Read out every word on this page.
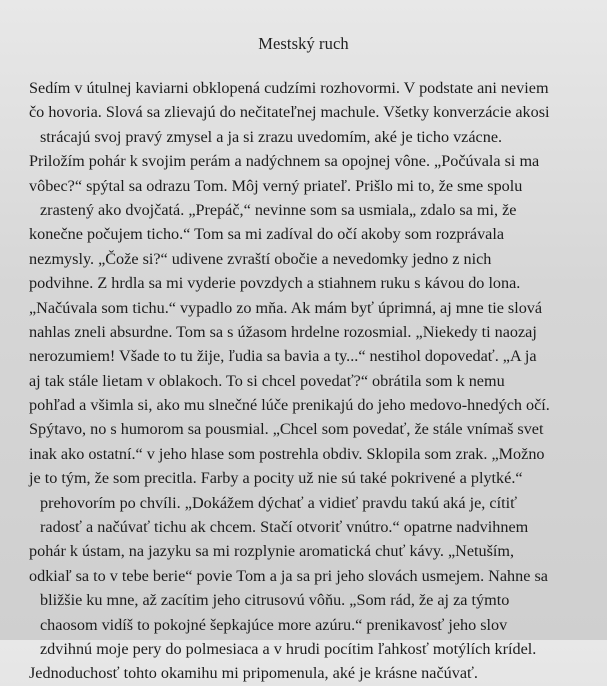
Mestský ruch
Sedím v útulnej kaviarni obklopená cudzími rozhovormi. V podstate ani neviem
čo hovoria. Slová sa zlievajú do nečitateľnej machule. Všetky konverzácie akosi
strácajú svoj pravý zmysel a ja si zrazu uvedomím, aké je ticho vzácne.
Priložím pohár k svojim perám a nadýchnem sa opojnej vône. „Počúvala si ma
vôbec?“ spýtal sa odrazu Tom. Môj verný priateľ. Prišlo mi to, že sme spolu
zrastený ako dvojčatá. „Prepáč,“ nevinne som sa usmiala„ zdalo sa mi, že
konečne počujem ticho.“ Tom sa mi zadíval do očí akoby som rozprávala
nezmysly. „Čože si?“ udivene zvraští obočie a nevedomky jedno z nich
podvihne. Z hrdla sa mi vyderie povzdych a stiahnem ruku s kávou do lona.
„Načúvala som tichu.“ vypadlo zo mňa. Ak mám byť úprimná, aj mne tie slová
nahlas zneli absurdne. Tom sa s úžasom hrdelne rozosmial. „Niekedy ti naozaj
nerozumiem! Všade to tu žije, ľudia sa bavia a ty...“ nestihol dopovedať. „A ja
aj tak stále lietam v oblakoch. To si chcel povedať?“ obrátila som k nemu
pohľad a všimla si, ako mu slnečné lúče prenikajú do jeho medovo-hnedých očí.
Spýtavo, no s humorom sa pousmial. „Chcel som povedať, že stále vnímaš svet
inak ako ostatní.“ v jeho hlase som postrehla obdiv. Sklopila som zrak. „Možno
je to tým, že som precitla. Farby a pocity už nie sú také pokrivené a plytké.“
prehovorím po chvíli. „Dokážem dýchať a vidieť pravdu takú aká je, cítiť
radosť a načúvať tichu ak chcem. Stačí otvoriť vnútro.“ opatrne nadvihnem
pohár k ústam, na jazyku sa mi rozplynie aromatická chuť kávy. „Netuším,
odkiaľ sa to v tebe berie“ povie Tom a ja sa pri jeho slovách usmejem. Nahne sa
bližšie ku mne, až zacítim jeho citrusovú vôňu. „Som rád, že aj za týmto
chaosom vidíš to pokojné šepkajúce more azúru.“ prenikavosť jeho slov
zdvihnú moje pery do polmesiaca a v hrudi pocítim ľahkosť motýlích krídel.
Jednoduchosť tohto okamihu mi pripomenula, aké je krásne načúvať.
